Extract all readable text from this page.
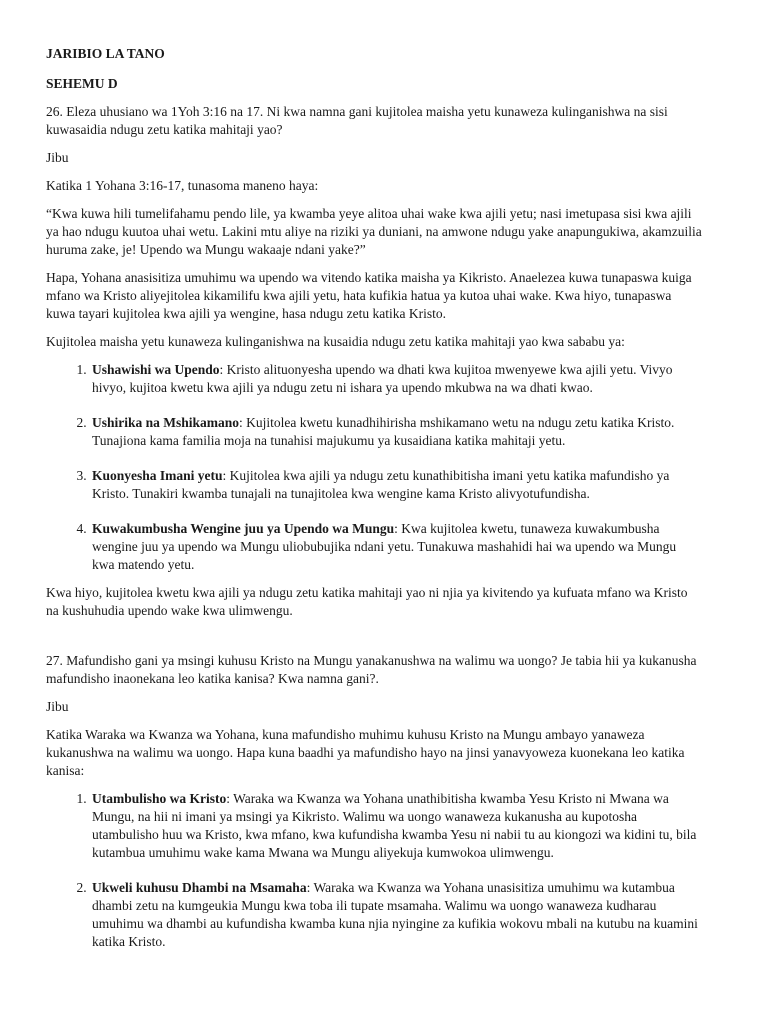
JARIBIO LA TANO
SEHEMU D

26. Eleza uhusiano wa 1Yoh 3:16 na 17. Ni kwa namna gani kujitolea maisha yetu kunaweza kulinganishwa na sisi kuwasaidia ndugu zetu katika mahitaji yao?

Jibu

Katika 1 Yohana 3:16-17, tunasoma maneno haya:

“Kwa kuwa hili tumelifahamu pendo lile, ya kwamba yeye alitoa uhai wake kwa ajili yetu; nasi imetupasa sisi kwa ajili ya hao ndugu kuutoa uhai wetu. Lakini mtu aliye na riziki ya duniani, na amwone ndugu yake anapungukiwa, akamzuilia huruma zake, je! Upendo wa Mungu wakaaje ndani yake?”

Hapa, Yohana anasisitiza umuhimu wa upendo wa vitendo katika maisha ya Kikristo. Anaelezea kuwa tunapaswa kuiga mfano wa Kristo aliyejitolea kikamilifu kwa ajili yetu, hata kufikia hatua ya kutoa uhai wake. Kwa hiyo, tunapaswa kuwa tayari kujitolea kwa ajili ya wengine, hasa ndugu zetu katika Kristo.

Kujitolea maisha yetu kunaweza kulinganishwa na kusaidia ndugu zetu katika mahitaji yao kwa sababu ya:

1. Ushawishi wa Upendo: Kristo alituonyesha upendo wa dhati kwa kujitoa mwenyewe kwa ajili yetu. Vivyo hivyo, kujitoa kwetu kwa ajili ya ndugu zetu ni ishara ya upendo mkubwa na wa dhati kwao.
2. Ushirika na Mshikamano: Kujitolea kwetu kunadhihirisha mshikamano wetu na ndugu zetu katika Kristo. Tunajiona kama familia moja na tunahisi majukumu ya kusaidiana katika mahitaji yetu.
3. Kuonyesha Imani yetu: Kujitolea kwa ajili ya ndugu zetu kunathibitisha imani yetu katika mafundisho ya Kristo. Tunakiri kwamba tunajali na tunajitolea kwa wengine kama Kristo alivyotufundisha.
4. Kuwakumbusha Wengine juu ya Upendo wa Mungu: Kwa kujitolea kwetu, tunaweza kuwakumbusha wengine juu ya upendo wa Mungu uliobubujika ndani yetu. Tunakuwa mashahidi hai wa upendo wa Mungu kwa matendo yetu.

Kwa hiyo, kujitolea kwetu kwa ajili ya ndugu zetu katika mahitaji yao ni njia ya kivitendo ya kufuata mfano wa Kristo na kushuhudia upendo wake kwa ulimwengu.

27. Mafundisho gani ya msingi kuhusu Kristo na Mungu yanakanushwa na walimu wa uongo? Je tabia hii ya kukanusha mafundisho inaonekana leo katika kanisa? Kwa namna gani?.

Jibu

Katika Waraka wa Kwanza wa Yohana, kuna mafundisho muhimu kuhusu Kristo na Mungu ambayo yanaweza kukanushwa na walimu wa uongo. Hapa kuna baadhi ya mafundisho hayo na jinsi yanavyoweza kuonekana leo katika kanisa:

1. Utambulisho wa Kristo: Waraka wa Kwanza wa Yohana unathibitisha kwamba Yesu Kristo ni Mwana wa Mungu, na hii ni imani ya msingi ya Kikristo. Walimu wa uongo wanaweza kukanusha au kupotosha utambulisho huu wa Kristo, kwa mfano, kwa kufundisha kwamba Yesu ni nabii tu au kiongozi wa kidini tu, bila kutambua umuhimu wake kama Mwana wa Mungu aliyekuja kumwokoa ulimwengu.
2. Ukweli kuhusu Dhambi na Msamaha: Waraka wa Kwanza wa Yohana unasisitiza umuhimu wa kutambua dhambi zetu na kumgeukia Mungu kwa toba ili tupate msamaha. Walimu wa uongo wanaweza kudharau umuhimu wa dhambi au kufundisha kwamba kuna njia nyingine za kufikia wokovu mbali na kutubu na kuamini katika Kristo.
